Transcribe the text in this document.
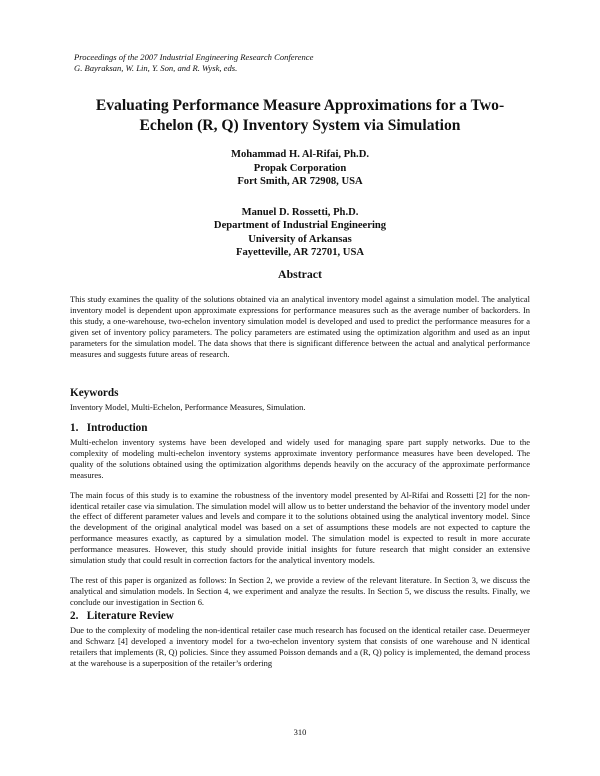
Proceedings of the 2007 Industrial Engineering Research Conference
G. Bayraksan, W. Lin, Y. Son, and R. Wysk, eds.
Evaluating Performance Measure Approximations for a Two-
Echelon (R, Q) Inventory System via Simulation
Mohammad H. Al-Rifai, Ph.D.
Propak Corporation
Fort Smith, AR 72908, USA
Manuel D. Rossetti, Ph.D.
Department of Industrial Engineering
University of Arkansas
Fayetteville, AR 72701, USA
Abstract
This study examines the quality of the solutions obtained via an analytical inventory model against a simulation model. The analytical inventory model is dependent upon approximate expressions for performance measures such as the average number of backorders. In this study, a one-warehouse, two-echelon inventory simulation model is developed and used to predict the performance measures for a given set of inventory policy parameters. The policy parameters are estimated using the optimization algorithm and used as an input parameters for the simulation model. The data shows that there is significant difference between the actual and analytical performance measures and suggests future areas of research.
Keywords
Inventory Model, Multi-Echelon, Performance Measures, Simulation.
1.   Introduction

Multi-echelon inventory systems have been developed and widely used for managing spare part supply networks. Due to the complexity of modeling multi-echelon inventory systems approximate inventory performance measures have been developed. The quality of the solutions obtained using the optimization algorithms depends heavily on the accuracy of the approximate performance measures.

The main focus of this study is to examine the robustness of the inventory model presented by Al-Rifai and Rossetti [2] for the non-identical retailer case via simulation. The simulation model will allow us to better understand the behavior of the inventory model under the effect of different parameter values and levels and compare it to the solutions obtained using the analytical inventory model. Since the development of the original analytical model was based on a set of assumptions these models are not expected to capture the performance measures exactly, as captured by a simulation model. The simulation model is expected to result in more accurate performance measures. However, this study should provide initial insights for future research that might consider an extensive simulation study that could result in correction factors for the analytical inventory models.

The rest of this paper is organized as follows: In Section 2, we provide a review of the relevant literature. In Section 3, we discuss the analytical and simulation models. In Section 4, we experiment and analyze the results. In Section 5, we discuss the results. Finally, we conclude our investigation in Section 6.

2.   Literature Review

Due to the complexity of modeling the non-identical retailer case much research has focused on the identical retailer case. Deuermeyer and Schwarz [4] developed a inventory model for a two-echelon inventory system that consists of one warehouse and N identical retailers that implements (R, Q) policies. Since they assumed Poisson demands and a (R, Q) policy is implemented, the demand process at the warehouse is a superposition of the retailer’s ordering

310
